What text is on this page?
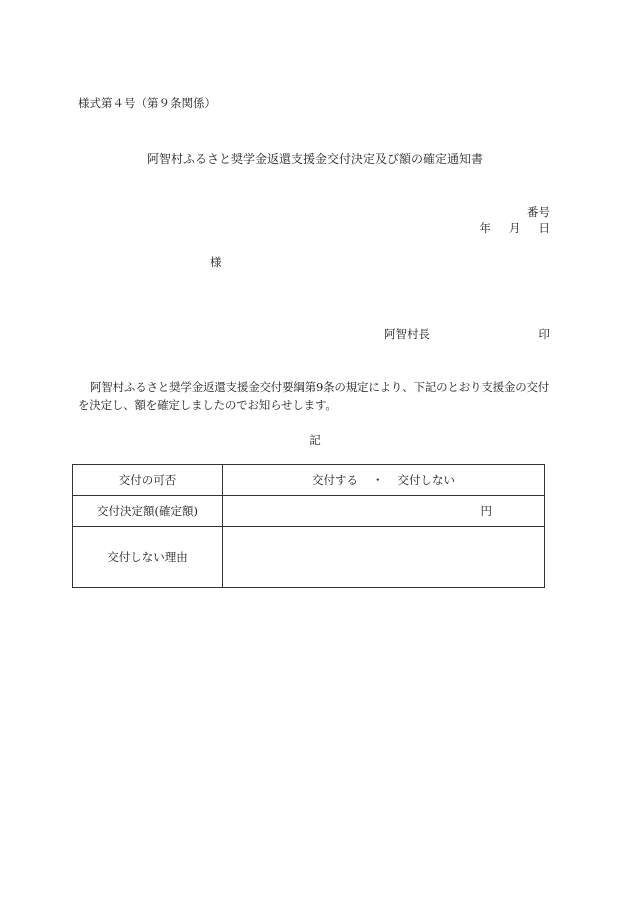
様式第４号（第９条関係）
阿智村ふるさと奨学金返還支援金交付決定及び額の確定通知書
番号
年 月 日
様
阿智村長	印
阿智村ふるさと奨学金返還支援金交付要綱第9条の規定により、下記のとおり支援金の交付を決定し、額を確定しましたのでお知らせします。
記
交付の可否	交付する ・ 交付しない
交付決定額(確定額)	円
交付しない理由	
